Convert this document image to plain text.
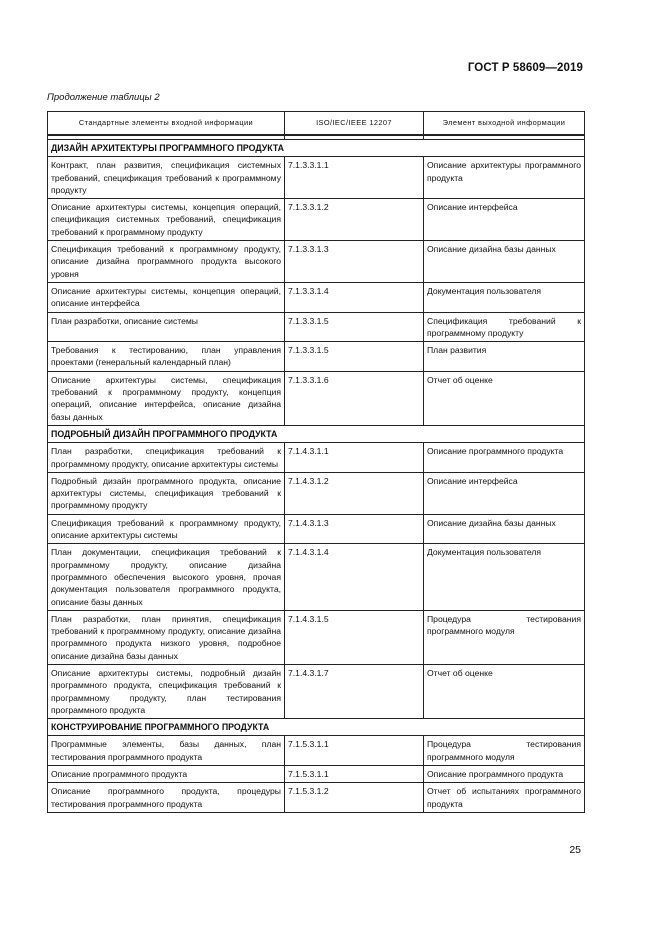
ГОСТ Р 58609—2019
Продолжение таблицы 2
Стандартные элементы входной информации	ISO/IEC/IEEE 12207	Элемент выходной информации

ДИЗАЙН АРХИТЕКТУРЫ ПРОГРАММНОГО ПРОДУКТА		
Контракт, план развития, спецификация системных требований, спецификация требований к программному продукту	7.1.3.3.1.1	Описание архитектуры программного продукта
Описание архитектуры системы, концепция операций, спецификация системных требований, спецификация требований к программному продукту	7.1.3.3.1.2	Описание интерфейса
Спецификация требований к программному продукту, описание дизайна программного продукта высокого уровня	7.1.3.3.1.3	Описание дизайна базы данных
Описание архитектуры системы, концепция операций, описание интерфейса	7.1.3.3.1.4	Документация пользователя
План разработки, описание системы	7.1.3.3.1.5	Спецификация требований к программному продукту
Требования к тестированию, план управления проектами (генеральный календарный план)	7.1.3.3.1.5	План развития
Описание архитектуры системы, спецификация требований к программному продукту, концепция операций, описание интерфейса, описание дизайна базы данных	7.1.3.3.1.6	Отчет об оценке
ПОДРОБНЫЙ ДИЗАЙН ПРОГРАММНОГО ПРОДУКТА		
План разработки, спецификация требований к программному продукту, описание архитектуры системы	7.1.4.3.1.1	Описание программного продукта
Подробный дизайн программного продукта, описание архитектуры системы, спецификация требований к программному продукту	7.1.4.3.1.2	Описание интерфейса
Спецификация требований к программному продукту, описание архитектуры системы	7.1.4.3.1.3	Описание дизайна базы данных
План документации, спецификация требований к программному продукту, описание дизайна программного обеспечения высокого уровня, прочая документация пользователя программного продукта, описание базы данных	7.1.4.3.1.4	Документация пользователя
План разработки, план принятия, спецификация требований к программному продукту, описание дизайна программного продукта низкого уровня, подробное описание дизайна базы данных	7.1.4.3.1.5	Процедура тестирования программного модуля
Описание архитектуры системы, подробный дизайн программного продукта, спецификация требований к программному продукту, план тестирования программного продукта	7.1.4.3.1.7	Отчет об оценке
КОНСТРУИРОВАНИЕ ПРОГРАММНОГО ПРОДУКТА		
Программные элементы, базы данных, план тестирования программного продукта	7.1.5.3.1.1	Процедура тестирования программного модуля
Описание программного продукта	7.1.5.3.1.1	Описание программного продукта
Описание программного продукта, процедуры тестирования программного продукта	7.1.5.3.1.2	Отчет об испытаниях программного продукта
25
